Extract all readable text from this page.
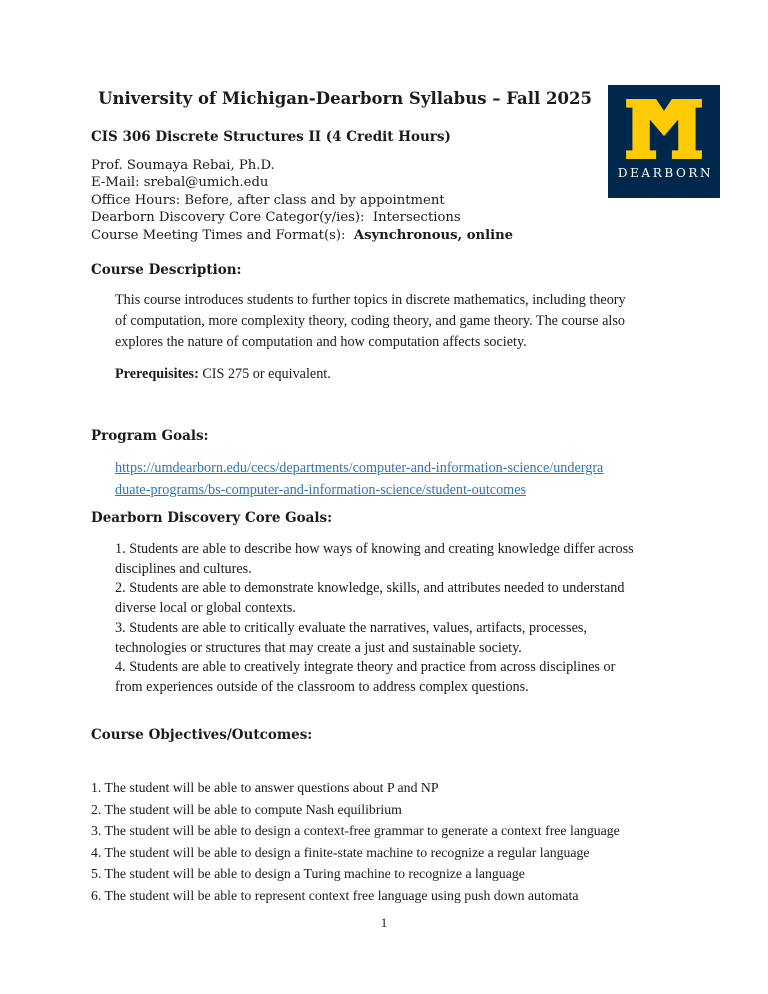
University of Michigan-Dearborn Syllabus – Fall 2025
DEARBORN
CIS 306 Discrete Structures II (4 Credit Hours)
Prof. Soumaya Rebai, Ph.D.
E-Mail: srebal@umich.edu
Office Hours: Before, after class and by appointment
Dearborn Discovery Core Categor(y/ies):  Intersections
Course Meeting Times and Format(s):  Asynchronous, online
Course Description:
This course introduces students to further topics in discrete mathematics, including theory
of computation, more complexity theory, coding theory, and game theory. The course also
explores the nature of computation and how computation affects society.
Prerequisites: CIS 275 or equivalent.
Program Goals:
https://umdearborn.edu/cecs/departments/computer-and-information-science/undergra
duate-programs/bs-computer-and-information-science/student-outcomes
Dearborn Discovery Core Goals:
1. Students are able to describe how ways of knowing and creating knowledge differ across
disciplines and cultures.
2. Students are able to demonstrate knowledge, skills, and attributes needed to understand
diverse local or global contexts.
3. Students are able to critically evaluate the narratives, values, artifacts, processes,
technologies or structures that may create a just and sustainable society.
4. Students are able to creatively integrate theory and practice from across disciplines or
from experiences outside of the classroom to address complex questions.
Course Objectives/Outcomes:
1. The student will be able to answer questions about P and NP
2. The student will be able to compute Nash equilibrium
3. The student will be able to design a context-free grammar to generate a context free language
4. The student will be able to design a finite-state machine to recognize a regular language
5. The student will be able to design a Turing machine to recognize a language
6. The student will be able to represent context free language using push down automata
1
